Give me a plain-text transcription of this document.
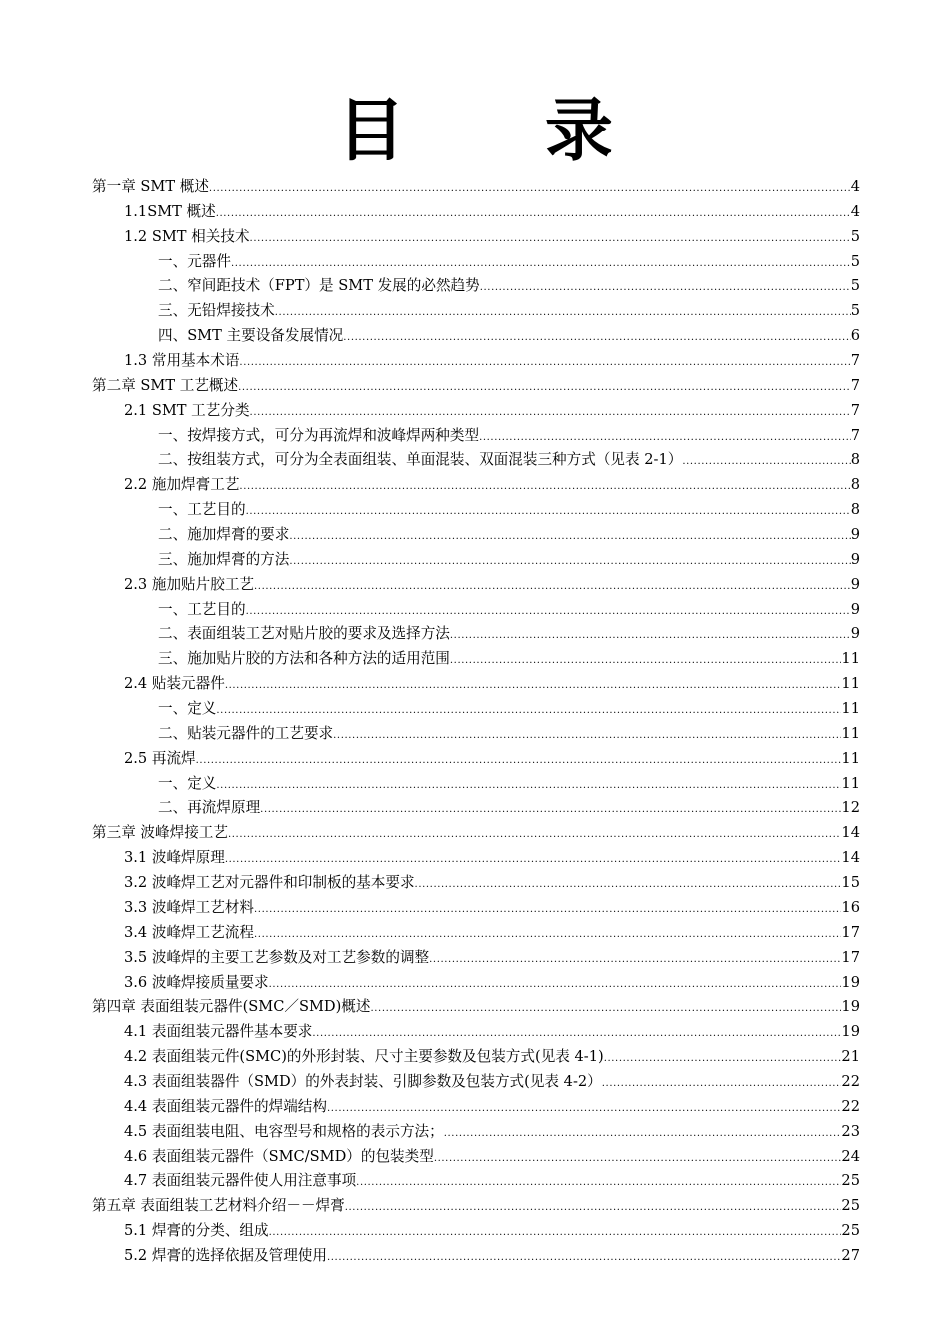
目 录
第一章 SMT 概述 .....	4
1.1SMT 概述 .....	4
1.2 SMT 相关技术 .....	5
一、元器件 .....	5
二、窄间距技术（FPT）是 SMT 发展的必然趋势 .....	5
三、无铅焊接技术 .....	5
四、SMT 主要设备发展情况 .....	6
1.3 常用基本术语 .....	7
第二章 SMT 工艺概述 .....	7
2.1 SMT 工艺分类 .....	7
一、按焊接方式，可分为再流焊和波峰焊两种类型 .....	7
二、按组装方式，可分为全表面组装、单面混装、双面混装三种方式（见表 2-1） .....	8
2.2 施加焊膏工艺 .....	8
一、工艺目的 .....	8
二、施加焊膏的要求 .....	9
三、施加焊膏的方法 .....	9
2.3 施加贴片胶工艺 .....	9
一、工艺目的 .....	9
二、表面组装工艺对贴片胶的要求及选择方法 .....	9
三、施加贴片胶的方法和各种方法的适用范围 .....	11
2.4 贴装元器件 .....	11
一、定义 .....	11
二、贴装元器件的工艺要求 .....	11
2.5 再流焊 .....	11
一、定义 .....	11
二、再流焊原理 .....	12
第三章 波峰焊接工艺 .....	14
3.1 波峰焊原理 .....	14
3.2 波峰焊工艺对元器件和印制板的基本要求 .....	15
3.3 波峰焊工艺材料 .....	16
3.4 波峰焊工艺流程 .....	17
3.5 波峰焊的主要工艺参数及对工艺参数的调整 .....	17
3.6 波峰焊接质量要求 .....	19
第四章 表面组装元器件(SMC／SMD)概述 .....	19
4.1 表面组装元器件基本要求 .....	19
4.2 表面组装元件(SMC)的外形封装、尺寸主要参数及包装方式(见表 4-1) .....	21
4.3 表面组装器件（SMD）的外表封装、引脚参数及包装方式(见表 4-2） .....	22
4.4 表面组装元器件的焊端结构 .....	22
4.5 表面组装电阻、电容型号和规格的表示方法； .....	23
4.6 表面组装元器件（SMC/SMD）的包装类型 .....	24
4.7 表面组装元器件使人用注意事项 .....	25
第五章 表面组装工艺材料介绍－－焊膏 .....	25
5.1 焊膏的分类、组成 .....	25
5.2 焊膏的选择依据及管理使用 .....	27
